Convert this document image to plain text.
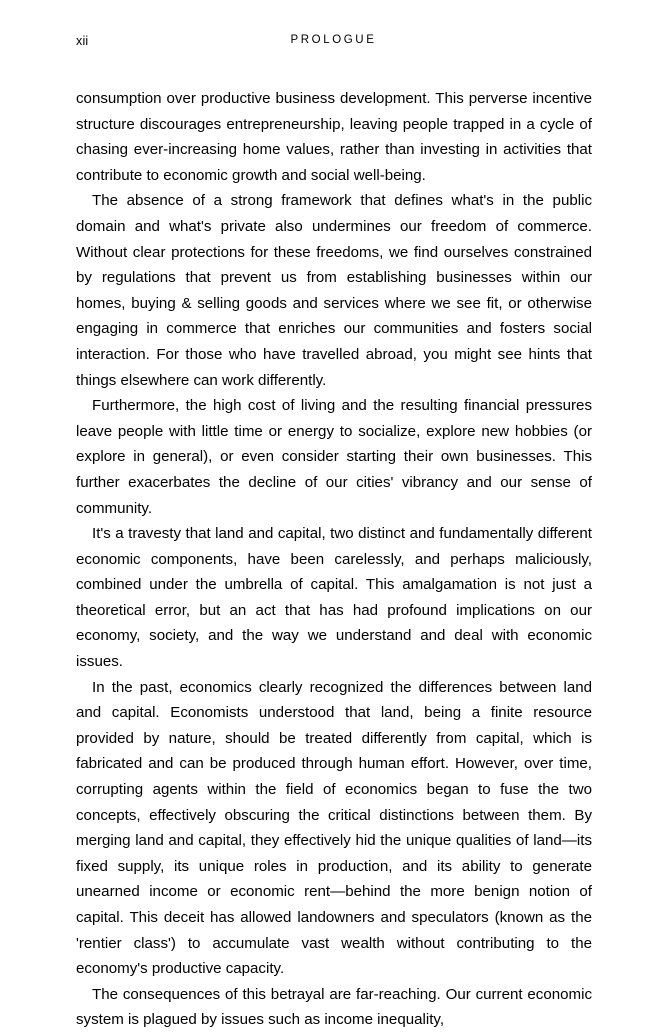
xii	PROLOGUE

consumption over productive business development. This perverse incentive structure discourages entrepreneurship, leaving people trapped in a cycle of chasing ever-increasing home values, rather than investing in activities that contribute to economic growth and social well-being.

The absence of a strong framework that defines what's in the public domain and what's private also undermines our freedom of commerce. Without clear protections for these freedoms, we find ourselves constrained by regulations that prevent us from establishing businesses within our homes, buying & selling goods and services where we see fit, or otherwise engaging in commerce that enriches our communities and fosters social interaction. For those who have travelled abroad, you might see hints that things elsewhere can work differently.

Furthermore, the high cost of living and the resulting financial pressures leave people with little time or energy to socialize, explore new hobbies (or explore in general), or even consider starting their own businesses. This further exacerbates the decline of our cities' vibrancy and our sense of community.

It's a travesty that land and capital, two distinct and fundamentally different economic components, have been carelessly, and perhaps maliciously, combined under the umbrella of capital. This amalgamation is not just a theoretical error, but an act that has had profound implications on our economy, society, and the way we understand and deal with economic issues.

In the past, economics clearly recognized the differences between land and capital. Economists understood that land, being a finite resource provided by nature, should be treated differently from capital, which is fabricated and can be produced through human effort. However, over time, corrupting agents within the field of economics began to fuse the two concepts, effectively obscuring the critical distinctions between them. By merging land and capital, they effectively hid the unique qualities of land—its fixed supply, its unique roles in production, and its ability to generate unearned income or economic rent—behind the more benign notion of capital. This deceit has allowed landowners and speculators (known as the 'rentier class') to accumulate vast wealth without contributing to the economy's productive capacity.

The consequences of this betrayal are far-reaching. Our current economic system is plagued by issues such as income inequality,
